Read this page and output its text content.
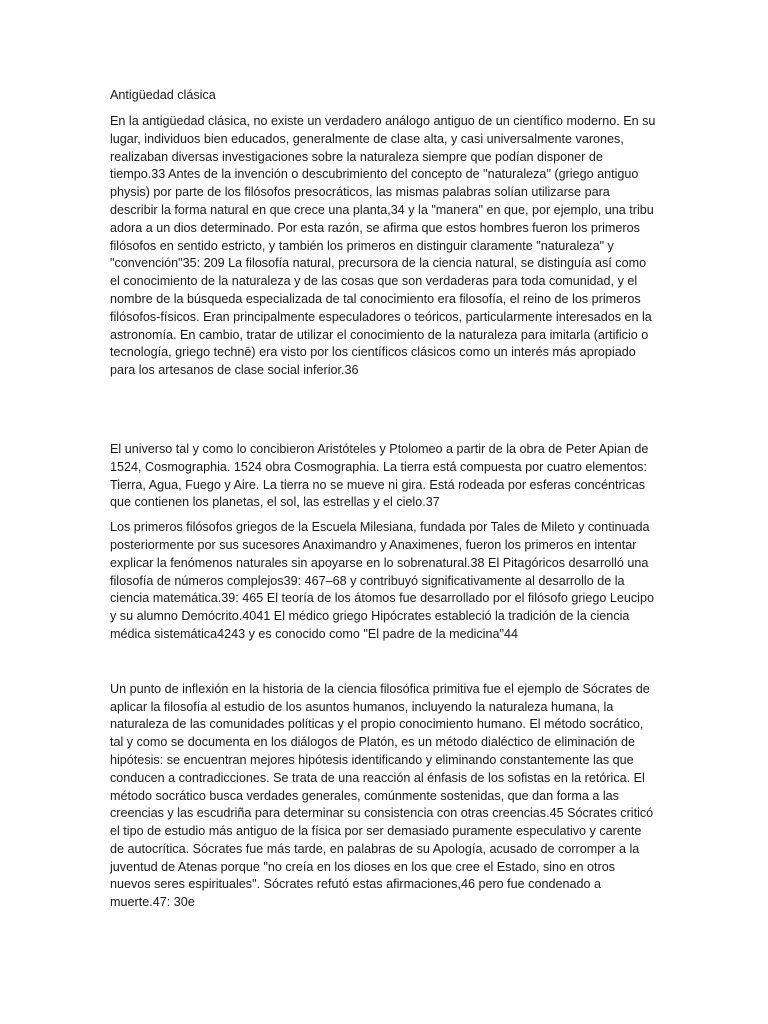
Antigüedad clásica

En la antigüedad clásica, no existe un verdadero análogo antiguo de un científico moderno. En su lugar, individuos bien educados, generalmente de clase alta, y casi universalmente varones, realizaban diversas investigaciones sobre la naturaleza siempre que podían disponer de tiempo.33 Antes de la invención o descubrimiento del concepto de "naturaleza" (griego antiguo physis) por parte de los filósofos presocráticos, las mismas palabras solían utilizarse para describir la forma natural en que crece una planta,34 y la "manera" en que, por ejemplo, una tribu adora a un dios determinado. Por esta razón, se afirma que estos hombres fueron los primeros filósofos en sentido estricto, y también los primeros en distinguir claramente "naturaleza" y "convención"35: 209 La filosofía natural, precursora de la ciencia natural, se distinguía así como el conocimiento de la naturaleza y de las cosas que son verdaderas para toda comunidad, y el nombre de la búsqueda especializada de tal conocimiento era filosofía, el reino de los primeros filósofos-físicos. Eran principalmente especuladores o teóricos, particularmente interesados en la astronomía. En cambio, tratar de utilizar el conocimiento de la naturaleza para imitarla (artificio o tecnología, griego technē) era visto por los científicos clásicos como un interés más apropiado para los artesanos de clase social inferior.36

El universo tal y como lo concibieron Aristóteles y Ptolomeo a partir de la obra de Peter Apian de 1524, Cosmographia. 1524 obra Cosmographia. La tierra está compuesta por cuatro elementos: Tierra, Agua, Fuego y Aire. La tierra no se mueve ni gira. Está rodeada por esferas concéntricas que contienen los planetas, el sol, las estrellas y el cielo.37

Los primeros filósofos griegos de la Escuela Milesiana, fundada por Tales de Mileto y continuada posteriormente por sus sucesores Anaximandro y Anaximenes, fueron los primeros en intentar explicar la fenómenos naturales sin apoyarse en lo sobrenatural.38 El Pitagóricos desarrolló una filosofía de números complejos39: 467–68 y contribuyó significativamente al desarrollo de la ciencia matemática.39: 465 El teoría de los átomos fue desarrollado por el filósofo griego Leucipo y su alumno Demócrito.4041 El médico griego Hipócrates estableció la tradición de la ciencia médica sistemática4243 y es conocido como "El padre de la medicina"44

Un punto de inflexión en la historia de la ciencia filosófica primitiva fue el ejemplo de Sócrates de aplicar la filosofía al estudio de los asuntos humanos, incluyendo la naturaleza humana, la naturaleza de las comunidades políticas y el propio conocimiento humano. El método socrático, tal y como se documenta en los diálogos de Platón, es un método dialéctico de eliminación de hipótesis: se encuentran mejores hipótesis identificando y eliminando constantemente las que conducen a contradicciones. Se trata de una reacción al énfasis de los sofistas en la retórica. El método socrático busca verdades generales, comúnmente sostenidas, que dan forma a las creencias y las escudriña para determinar su consistencia con otras creencias.45 Sócrates criticó el tipo de estudio más antiguo de la física por ser demasiado puramente especulativo y carente de autocrítica. Sócrates fue más tarde, en palabras de su Apología, acusado de corromper a la juventud de Atenas porque "no creía en los dioses en los que cree el Estado, sino en otros nuevos seres espirituales". Sócrates refutó estas afirmaciones,46 pero fue condenado a muerte.47: 30e
